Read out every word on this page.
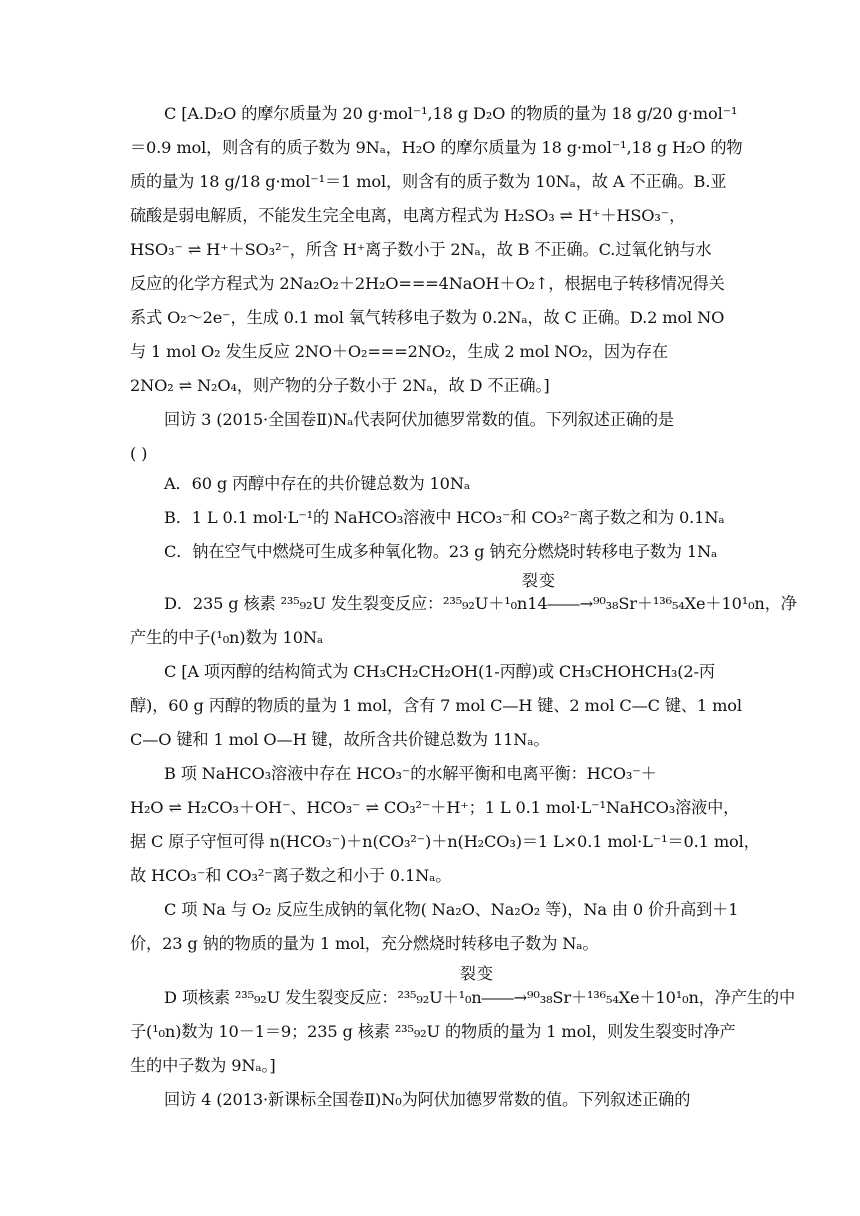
C [A.D₂O 的摩尔质量为 20 g·mol⁻¹,18 g D₂O 的物质的量为 18 g/20 g·mol⁻¹
＝0.9 mol，则含有的质子数为 9Nₐ，H₂O 的摩尔质量为 18 g·mol⁻¹,18 g H₂O 的物
质的量为 18 g/18 g·mol⁻¹＝1 mol，则含有的质子数为 10Nₐ，故 A 不正确。B.亚
硫酸是弱电解质，不能发生完全电离，电离方程式为 H₂SO₃ ⇌ H⁺＋HSO₃⁻，
HSO₃⁻ ⇌ H⁺＋SO₃²⁻，所含 H⁺离子数小于 2Nₐ，故 B 不正确。C.过氧化钠与水
反应的化学方程式为 2Na₂O₂＋2H₂O===4NaOH＋O₂↑，根据电子转移情况得关
系式 O₂～2e⁻，生成 0.1 mol 氧气转移电子数为 0.2Nₐ，故 C 正确。D.2 mol NO
与 1 mol O₂ 发生反应 2NO＋O₂===2NO₂，生成 2 mol NO₂，因为存在
2NO₂ ⇌ N₂O₄，则产物的分子数小于 2Nₐ，故 D 不正确。]
回访 3 (2015·全国卷Ⅱ)Nₐ代表阿伏加德罗常数的值。下列叙述正确的是
( )
A．60 g 丙醇中存在的共价键总数为 10Nₐ
B．1 L 0.1 mol·L⁻¹的 NaHCO₃溶液中 HCO₃⁻和 CO₃²⁻离子数之和为 0.1Nₐ
C．钠在空气中燃烧可生成多种氧化物。23 g 钠充分燃烧时转移电子数为 1Nₐ
裂变
D．235 g 核素 ²³⁵₉₂U 发生裂变反应：²³⁵₉₂U＋¹₀n14――→⁹⁰₃₈Sr＋¹³⁶₅₄Xe＋10¹₀n，净
产生的中子(¹₀n)数为 10Nₐ
C [A 项丙醇的结构简式为 CH₃CH₂CH₂OH(1-丙醇)或 CH₃CHOHCH₃(2-丙
醇)，60 g 丙醇的物质的量为 1 mol，含有 7 mol C—H 键、2 mol C—C 键、1 mol
C—O 键和 1 mol O—H 键，故所含共价键总数为 11Nₐ。
B 项 NaHCO₃溶液中存在 HCO₃⁻的水解平衡和电离平衡：HCO₃⁻＋
H₂O ⇌ H₂CO₃＋OH⁻、HCO₃⁻ ⇌ CO₃²⁻＋H⁺；1 L 0.1 mol·L⁻¹NaHCO₃溶液中，
据 C 原子守恒可得 n(HCO₃⁻)＋n(CO₃²⁻)＋n(H₂CO₃)＝1 L×0.1 mol·L⁻¹＝0.1 mol，
故 HCO₃⁻和 CO₃²⁻离子数之和小于 0.1Nₐ。
C 项 Na 与 O₂ 反应生成钠的氧化物( Na₂O、Na₂O₂ 等)，Na 由 0 价升高到＋1
价，23 g 钠的物质的量为 1 mol，充分燃烧时转移电子数为 Nₐ。
裂变
D 项核素 ²³⁵₉₂U 发生裂变反应：²³⁵₉₂U＋¹₀n――→⁹⁰₃₈Sr＋¹³⁶₅₄Xe＋10¹₀n，净产生的中
子(¹₀n)数为 10－1＝9；235 g 核素 ²³⁵₉₂U 的物质的量为 1 mol，则发生裂变时净产
生的中子数为 9Nₐ。]
回访 4 (2013·新课标全国卷Ⅱ)N₀为阿伏加德罗常数的值。下列叙述正确的
